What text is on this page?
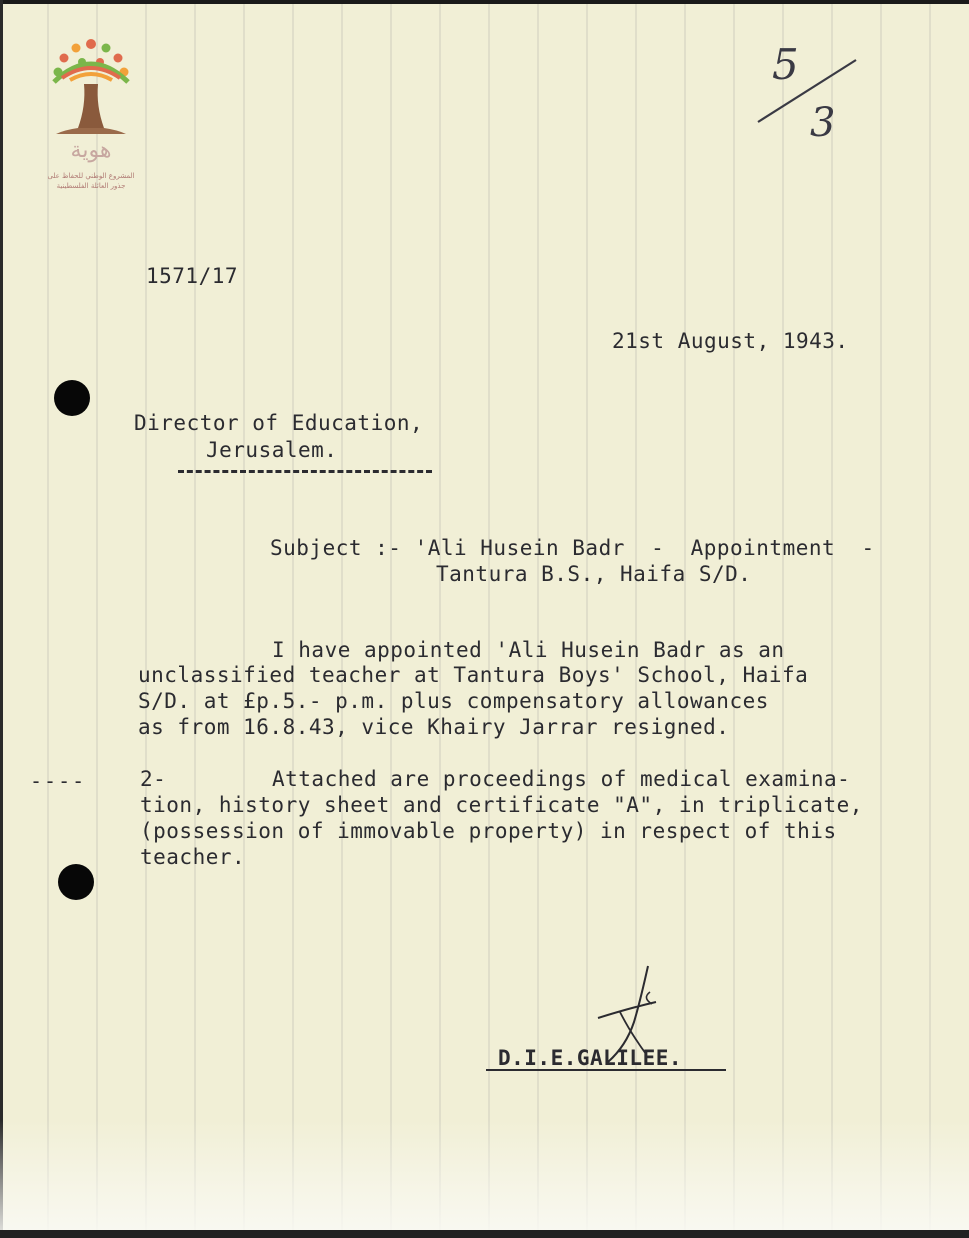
هوية
المشروع الوطني للحفاظ على
جذور العائلة الفلسطينية
5
3
1571/17
21st August, 1943.
Director of Education,
Jerusalem.
Subject :- 'Ali Husein Badr  -  Appointment  -
Tantura B.S., Haifa S/D.
I have appointed 'Ali Husein Badr as an
unclassified teacher at Tantura Boys' School, Haifa
S/D. at £p.5.- p.m. plus compensatory allowances
as from 16.8.43, vice Khairy Jarrar resigned.
----	2-	Attached are proceedings of medical examina-
tion, history sheet and certificate "A", in triplicate,
(possession of immovable property) in respect of this
teacher.
D.I.E.GALILEE.
